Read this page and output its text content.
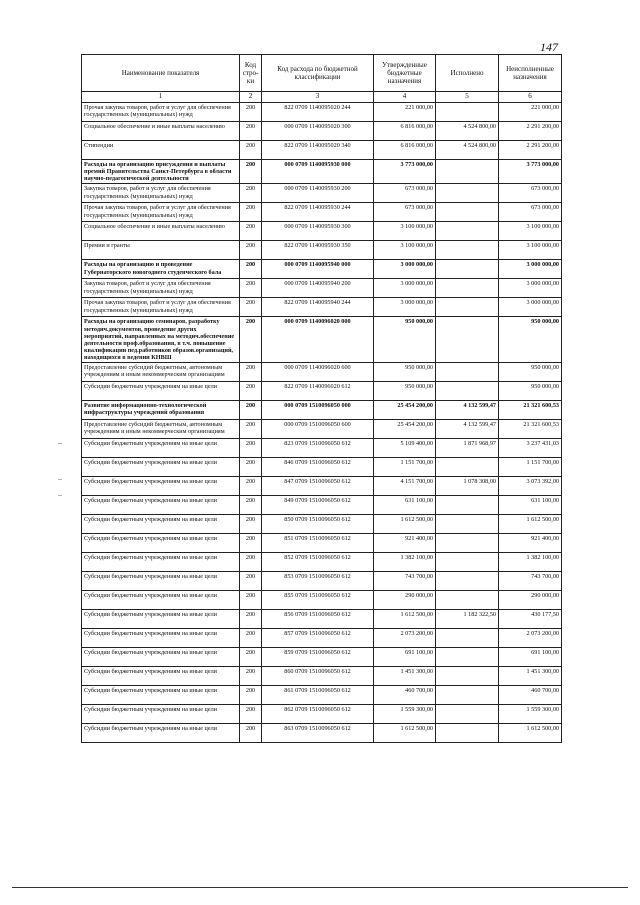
147
Наименование показателя	Код стро-ки	Код расхода по бюджетной классификации	Утвержденные бюджетные назначения	Исполнено	Неисполненные назначения
1	2	3	4	5	6
Прочая закупка товаров, работ и услуг для обеспечения государственных (муниципальных) нужд	200	822 0709 1140095020 244	221 000,00		221 000,00
Социальное обеспечение и иные выплаты населению	200	000 0709 1140095020 300	6 816 000,00	4 524 800,00	2 291 200,00
Стипендии	200	822 0709 1140095020 340	6 816 000,00	4 524 800,00	2 291 200,00
Расходы на организацию присуждения и выплаты премий Правительства Санкт-Петербурга в области научно-педагогической деятельности	200	000 0709 1140095930 000	3 773 000,00		3 773 000,00
Закупка товаров, работ и услуг для обеспечения государственных (муниципальных) нужд	200	000 0709 1140095930 200	673 000,00		673 000,00
Прочая закупка товаров, работ и услуг для обеспечения государственных (муниципальных) нужд	200	822 0709 1140095930 244	673 000,00		673 000,00
Социальное обеспечение и иные выплаты населению	200	000 0709 1140095930 300	3 100 000,00		3 100 000,00
Премии и гранты	200	822 0709 1140095930 350	3 100 000,00		3 100 000,00
Расходы на организацию и проведение Губернаторского новогоднего студенческого бала	200	000 0709 1140095940 000	3 000 000,00		3 000 000,00
Закупка товаров, работ и услуг для обеспечения государственных (муниципальных) нужд	200	000 0709 1140095940 200	3 000 000,00		3 000 000,00
Прочая закупка товаров, работ и услуг для обеспечения государственных (муниципальных) нужд	200	822 0709 1140095940 244	3 000 000,00		3 000 000,00
Расходы на организацию семинаров, разработку методич.документов, проведение других мероприятий, направленных на методич.обеспечение деятельности проф.образования, в т.ч. повышение квалификации пед.работников образов.организаций, находящихся в ведении КНВШ	200	000 0709 1140096020 000	950 000,00		950 000,00
Предоставление субсидий бюджетным, автономным учреждениям и иным некоммерческим организациям	200	000 0709 1140096020 600	950 000,00		950 000,00
Субсидии бюджетным учреждениям на иные цели	200	822 0709 1140096020 612	950 000,00		950 000,00
Развитие информационно-технологической инфраструктуры учреждений образования	200	000 0709 1510096050 000	25 454 200,00	4 132 599,47	21 321 600,53
Предоставление субсидий бюджетным, автономным учреждениям и иным некоммерческим организациям	200	000 0709 1510096050 600	25 454 200,00	4 132 599,47	21 321 600,53
Субсидии бюджетным учреждениям на иные цели	200	823 0709 1510096050 612	5 109 400,00	1 871 968,97	3 237 431,03
Субсидии бюджетным учреждениям на иные цели	200	846 0709 1510096050 612	1 151 700,00		1 151 700,00
Субсидии бюджетным учреждениям на иные цели	200	847 0709 1510096050 612	4 151 700,00	1 078 308,00	3 073 392,00
Субсидии бюджетным учреждениям на иные цели	200	849 0709 1510096050 612	631 100,00		631 100,00
Субсидии бюджетным учреждениям на иные цели	200	850 0709 1510096050 612	1 612 500,00		1 612 500,00
Субсидии бюджетным учреждениям на иные цели	200	851 0709 1510096050 612	921 400,00		921 400,00
Субсидии бюджетным учреждениям на иные цели	200	852 0709 1510096050 612	1 382 100,00		1 382 100,00
Субсидии бюджетным учреждениям на иные цели	200	853 0709 1510096050 612	743 700,00		743 700,00
Субсидии бюджетным учреждениям на иные цели	200	855 0709 1510096050 612	290 000,00		290 000,00
Субсидии бюджетным учреждениям на иные цели	200	856 0709 1510096050 612	1 612 500,00	1 182 322,50	430 177,50
Субсидии бюджетным учреждениям на иные цели	200	857 0709 1510096050 612	2 073 200,00		2 073 200,00
Субсидии бюджетным учреждениям на иные цели	200	859 0709 1510096050 612	691 100,00		691 100,00
Субсидии бюджетным учреждениям на иные цели	200	860 0709 1510096050 612	1 451 300,00		1 451 300,00
Субсидии бюджетным учреждениям на иные цели	200	861 0709 1510096050 612	460 700,00		460 700,00
Субсидии бюджетным учреждениям на иные цели	200	862 0709 1510096050 612	1 559 300,00		1 559 300,00
Субсидии бюджетным учреждениям на иные цели	200	863 0709 1510096050 612	1 612 500,00		1 612 500,00
–
–
–
